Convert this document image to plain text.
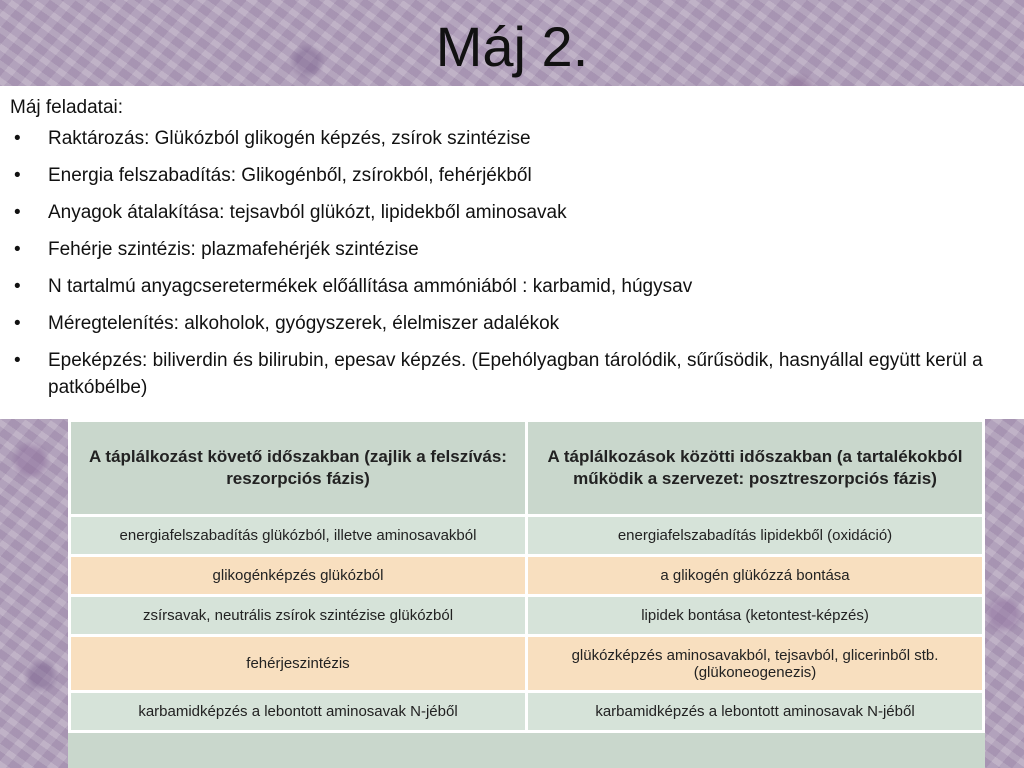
Máj 2.

Máj feladatai:

• Raktározás: Glükózból glikogén képzés, zsírok szintézise
• Energia felszabadítás: Glikogénből, zsírokból, fehérjékből
• Anyagok átalakítása: tejsavból glükózt, lipidekből aminosavak
• Fehérje szintézis: plazmafehérjék szintézise
• N tartalmú anyagcseretermékek előállítása ammóniából : karbamid, húgysav
• Méregtelenítés: alkoholok, gyógyszerek, élelmiszer adalékok
• Epeképzés: biliverdin és bilirubin, epesav képzés. (Epehólyagban tárolódik, sűrűsödik, hasnyállal együtt kerül a patkóbélbe)
A táplálkozást követő időszakban (zajlik a felszívás: reszorpciós fázis)	A táplálkozások közötti időszakban (a tartalékokból működik a szervezet: posztreszorpciós fázis)
energiafelszabadítás glükózból, illetve aminosavakból	energiafelszabadítás lipidekből (oxidáció)
glikogénképzés glükózból	a glikogén glükózzá bontása
zsírsavak, neutrális zsírok szintézise glükózból	lipidek bontása (ketontest-képzés)
fehérjeszintézis	glükózképzés aminosavakból, tejsavból, glicerinből stb. (glükoneogenezis)
karbamidképzés a lebontott aminosavak N-jéből	karbamidképzés a lebontott aminosavak N-jéből
